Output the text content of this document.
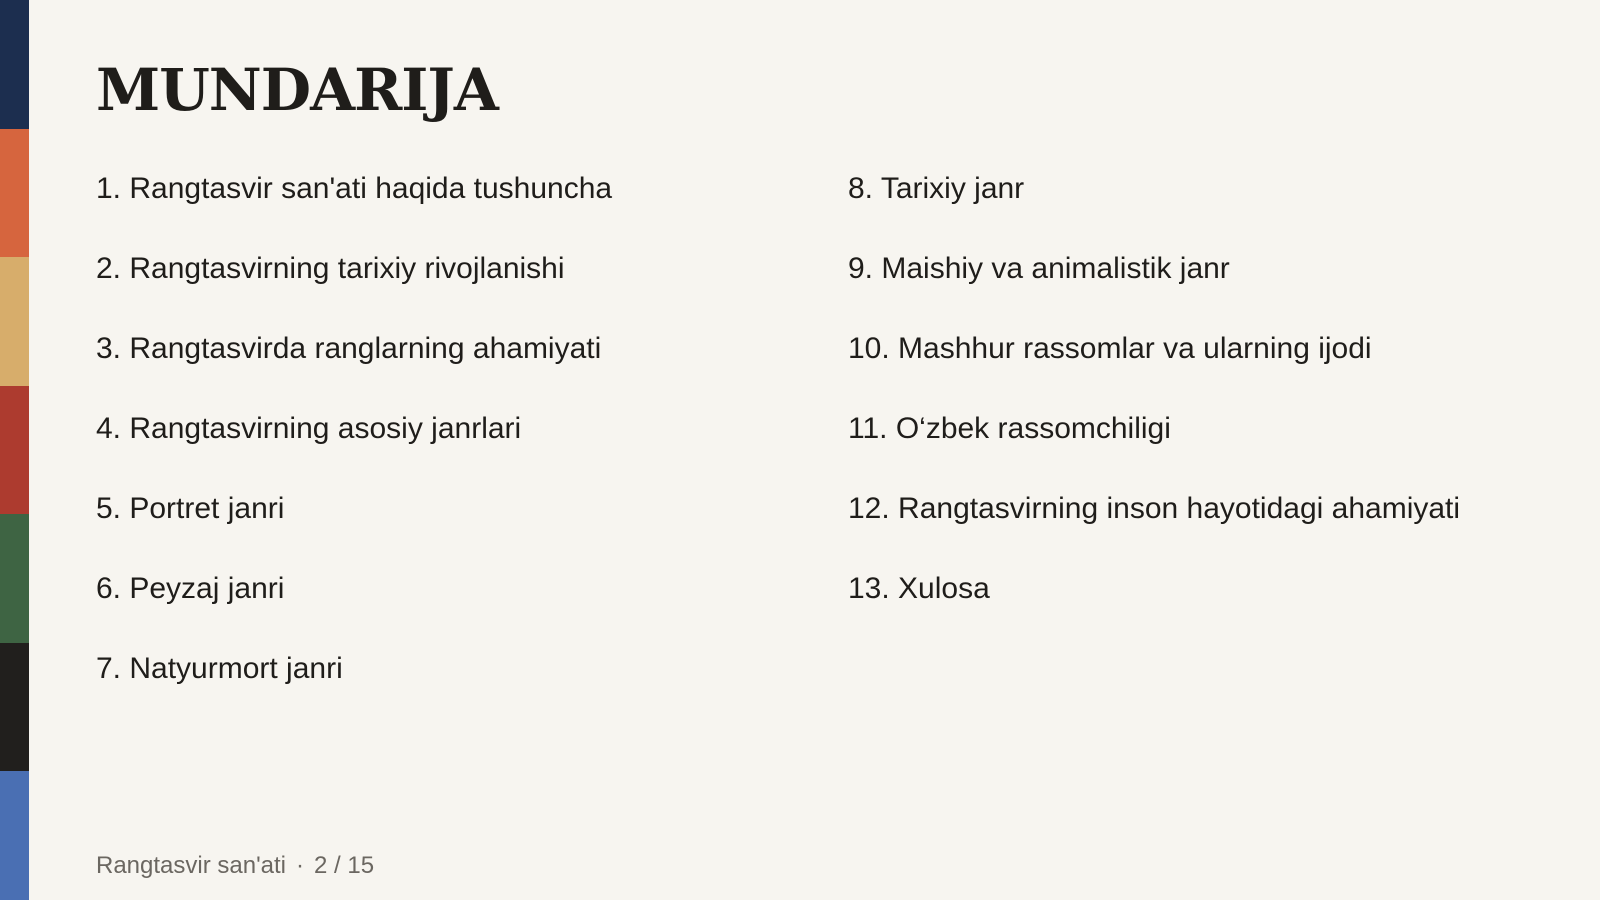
MUNDARIJA
1. Rangtasvir san'ati haqida tushuncha
2. Rangtasvirning tarixiy rivojlanishi
3. Rangtasvirda ranglarning ahamiyati
4. Rangtasvirning asosiy janrlari
5. Portret janri
6. Peyzaj janri
7. Natyurmort janri
8. Tarixiy janr
9. Maishiy va animalistik janr
10. Mashhur rassomlar va ularning ijodi
11. O‘zbek rassomchiligi
12. Rangtasvirning inson hayotidagi ahamiyati
13. Xulosa
Rangtasvir san'ati · 2 / 15
